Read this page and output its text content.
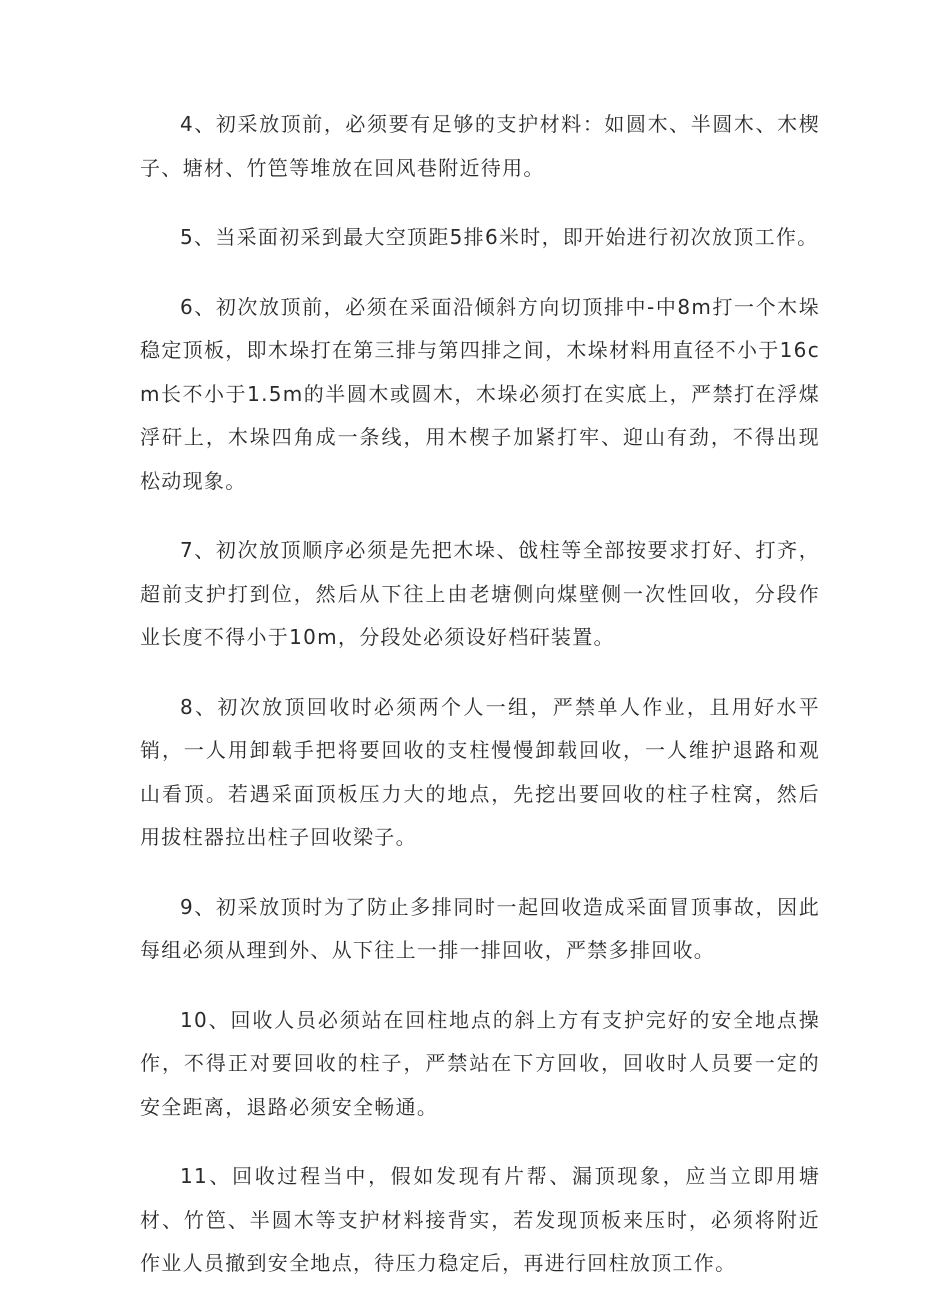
4、初采放顶前，必须要有足够的支护材料：如圆木、半圆木、木楔子、塘材、竹笆等堆放在回风巷附近待用。

5、当采面初采到最大空顶距5排6米时，即开始进行初次放顶工作。

6、初次放顶前，必须在采面沿倾斜方向切顶排中-中8m打一个木垛稳定顶板，即木垛打在第三排与第四排之间，木垛材料用直径不小于16cm长不小于1.5m的半圆木或圆木，木垛必须打在实底上，严禁打在浮煤浮矸上，木垛四角成一条线，用木楔子加紧打牢、迎山有劲，不得出现松动现象。

7、初次放顶顺序必须是先把木垛、戗柱等全部按要求打好、打齐，超前支护打到位，然后从下往上由老塘侧向煤壁侧一次性回收，分段作业长度不得小于10m，分段处必须设好档矸装置。

8、初次放顶回收时必须两个人一组，严禁单人作业，且用好水平销，一人用卸载手把将要回收的支柱慢慢卸载回收，一人维护退路和观山看顶。若遇采面顶板压力大的地点，先挖出要回收的柱子柱窝，然后用拔柱器拉出柱子回收梁子。

9、初采放顶时为了防止多排同时一起回收造成采面冒顶事故，因此每组必须从理到外、从下往上一排一排回收，严禁多排回收。

10、回收人员必须站在回柱地点的斜上方有支护完好的安全地点操作，不得正对要回收的柱子，严禁站在下方回收，回收时人员要一定的安全距离，退路必须安全畅通。

11、回收过程当中，假如发现有片帮、漏顶现象，应当立即用塘材、竹笆、半圆木等支护材料接背实，若发现顶板来压时，必须将附近作业人员撤到安全地点，待压力稳定后，再进行回柱放顶工作。
